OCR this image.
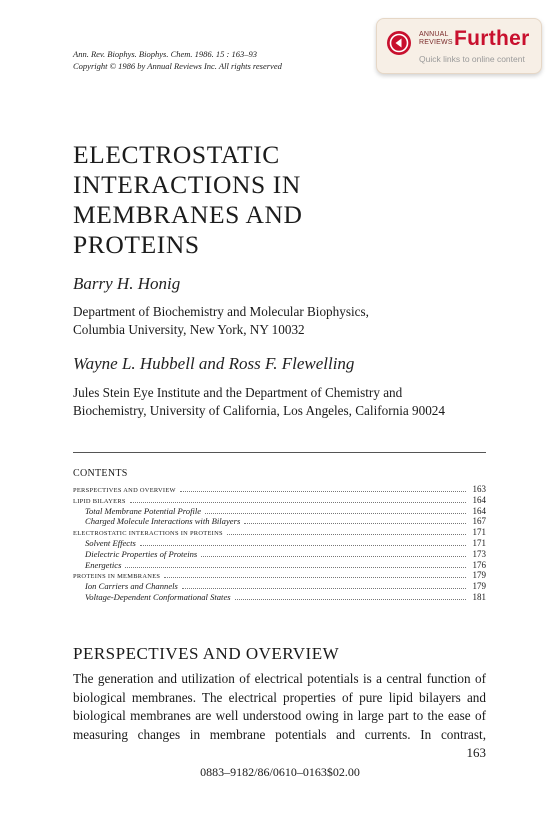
Ann. Rev. Biophys. Biophys. Chem. 1986. 15 : 163–93
Copyright © 1986 by Annual Reviews Inc. All rights reserved
ANNUAL
REVIEWS Further
Quick links to online content
ELECTROSTATIC
INTERACTIONS IN
MEMBRANES AND
PROTEINS
Barry H. Honig
Department of Biochemistry and Molecular Biophysics,
Columbia University, New York, NY 10032
Wayne L. Hubbell and Ross F. Flewelling
Jules Stein Eye Institute and the Department of Chemistry and
Biochemistry, University of California, Los Angeles, California 90024
CONTENTS
PERSPECTIVES AND OVERVIEW	163
LIPID BILAYERS	164
Total Membrane Potential Profile	164
Charged Molecule Interactions with Bilayers	167
ELECTROSTATIC INTERACTIONS IN PROTEINS	171
Solvent Effects	171
Dielectric Properties of Proteins	173
Energetics	176
PROTEINS IN MEMBRANES	179
Ion Carriers and Channels	179
Voltage-Dependent Conformational States	181
PERSPECTIVES AND OVERVIEW
The generation and utilization of electrical potentials is a central function of
biological membranes. The electrical properties of pure lipid bilayers and
biological membranes are well understood owing in large part to the ease of
measuring changes in membrane potentials and currents. In contrast,
163
0883–9182/86/0610–0163$02.00
